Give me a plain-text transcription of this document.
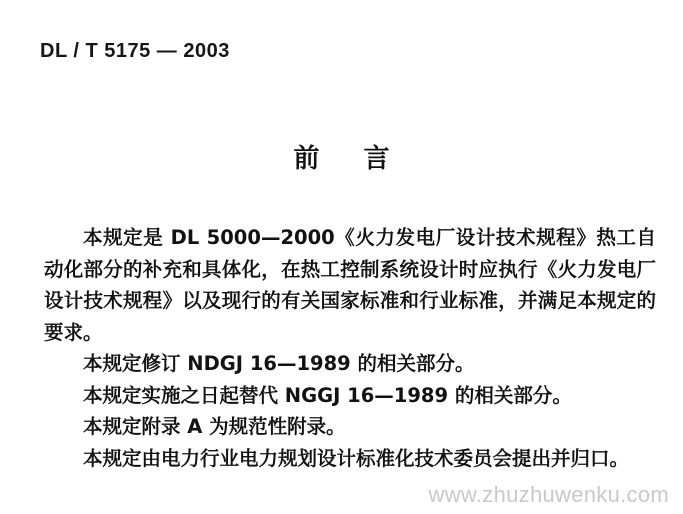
DL / T 5175 — 2003
前言

本规定是 DL 5000—2000《火力发电厂设计技术规程》热工自动化部分的补充和具体化，在热工控制系统设计时应执行《火力发电厂设计技术规程》以及现行的有关国家标准和行业标准，并满足本规定的要求。

本规定修订 NDGJ 16—1989 的相关部分。

本规定实施之日起替代 NGGJ 16—1989 的相关部分。

本规定附录 A 为规范性附录。

本规定由电力行业电力规划设计标准化技术委员会提出并归口。

www.zhuzhuwenku.com
